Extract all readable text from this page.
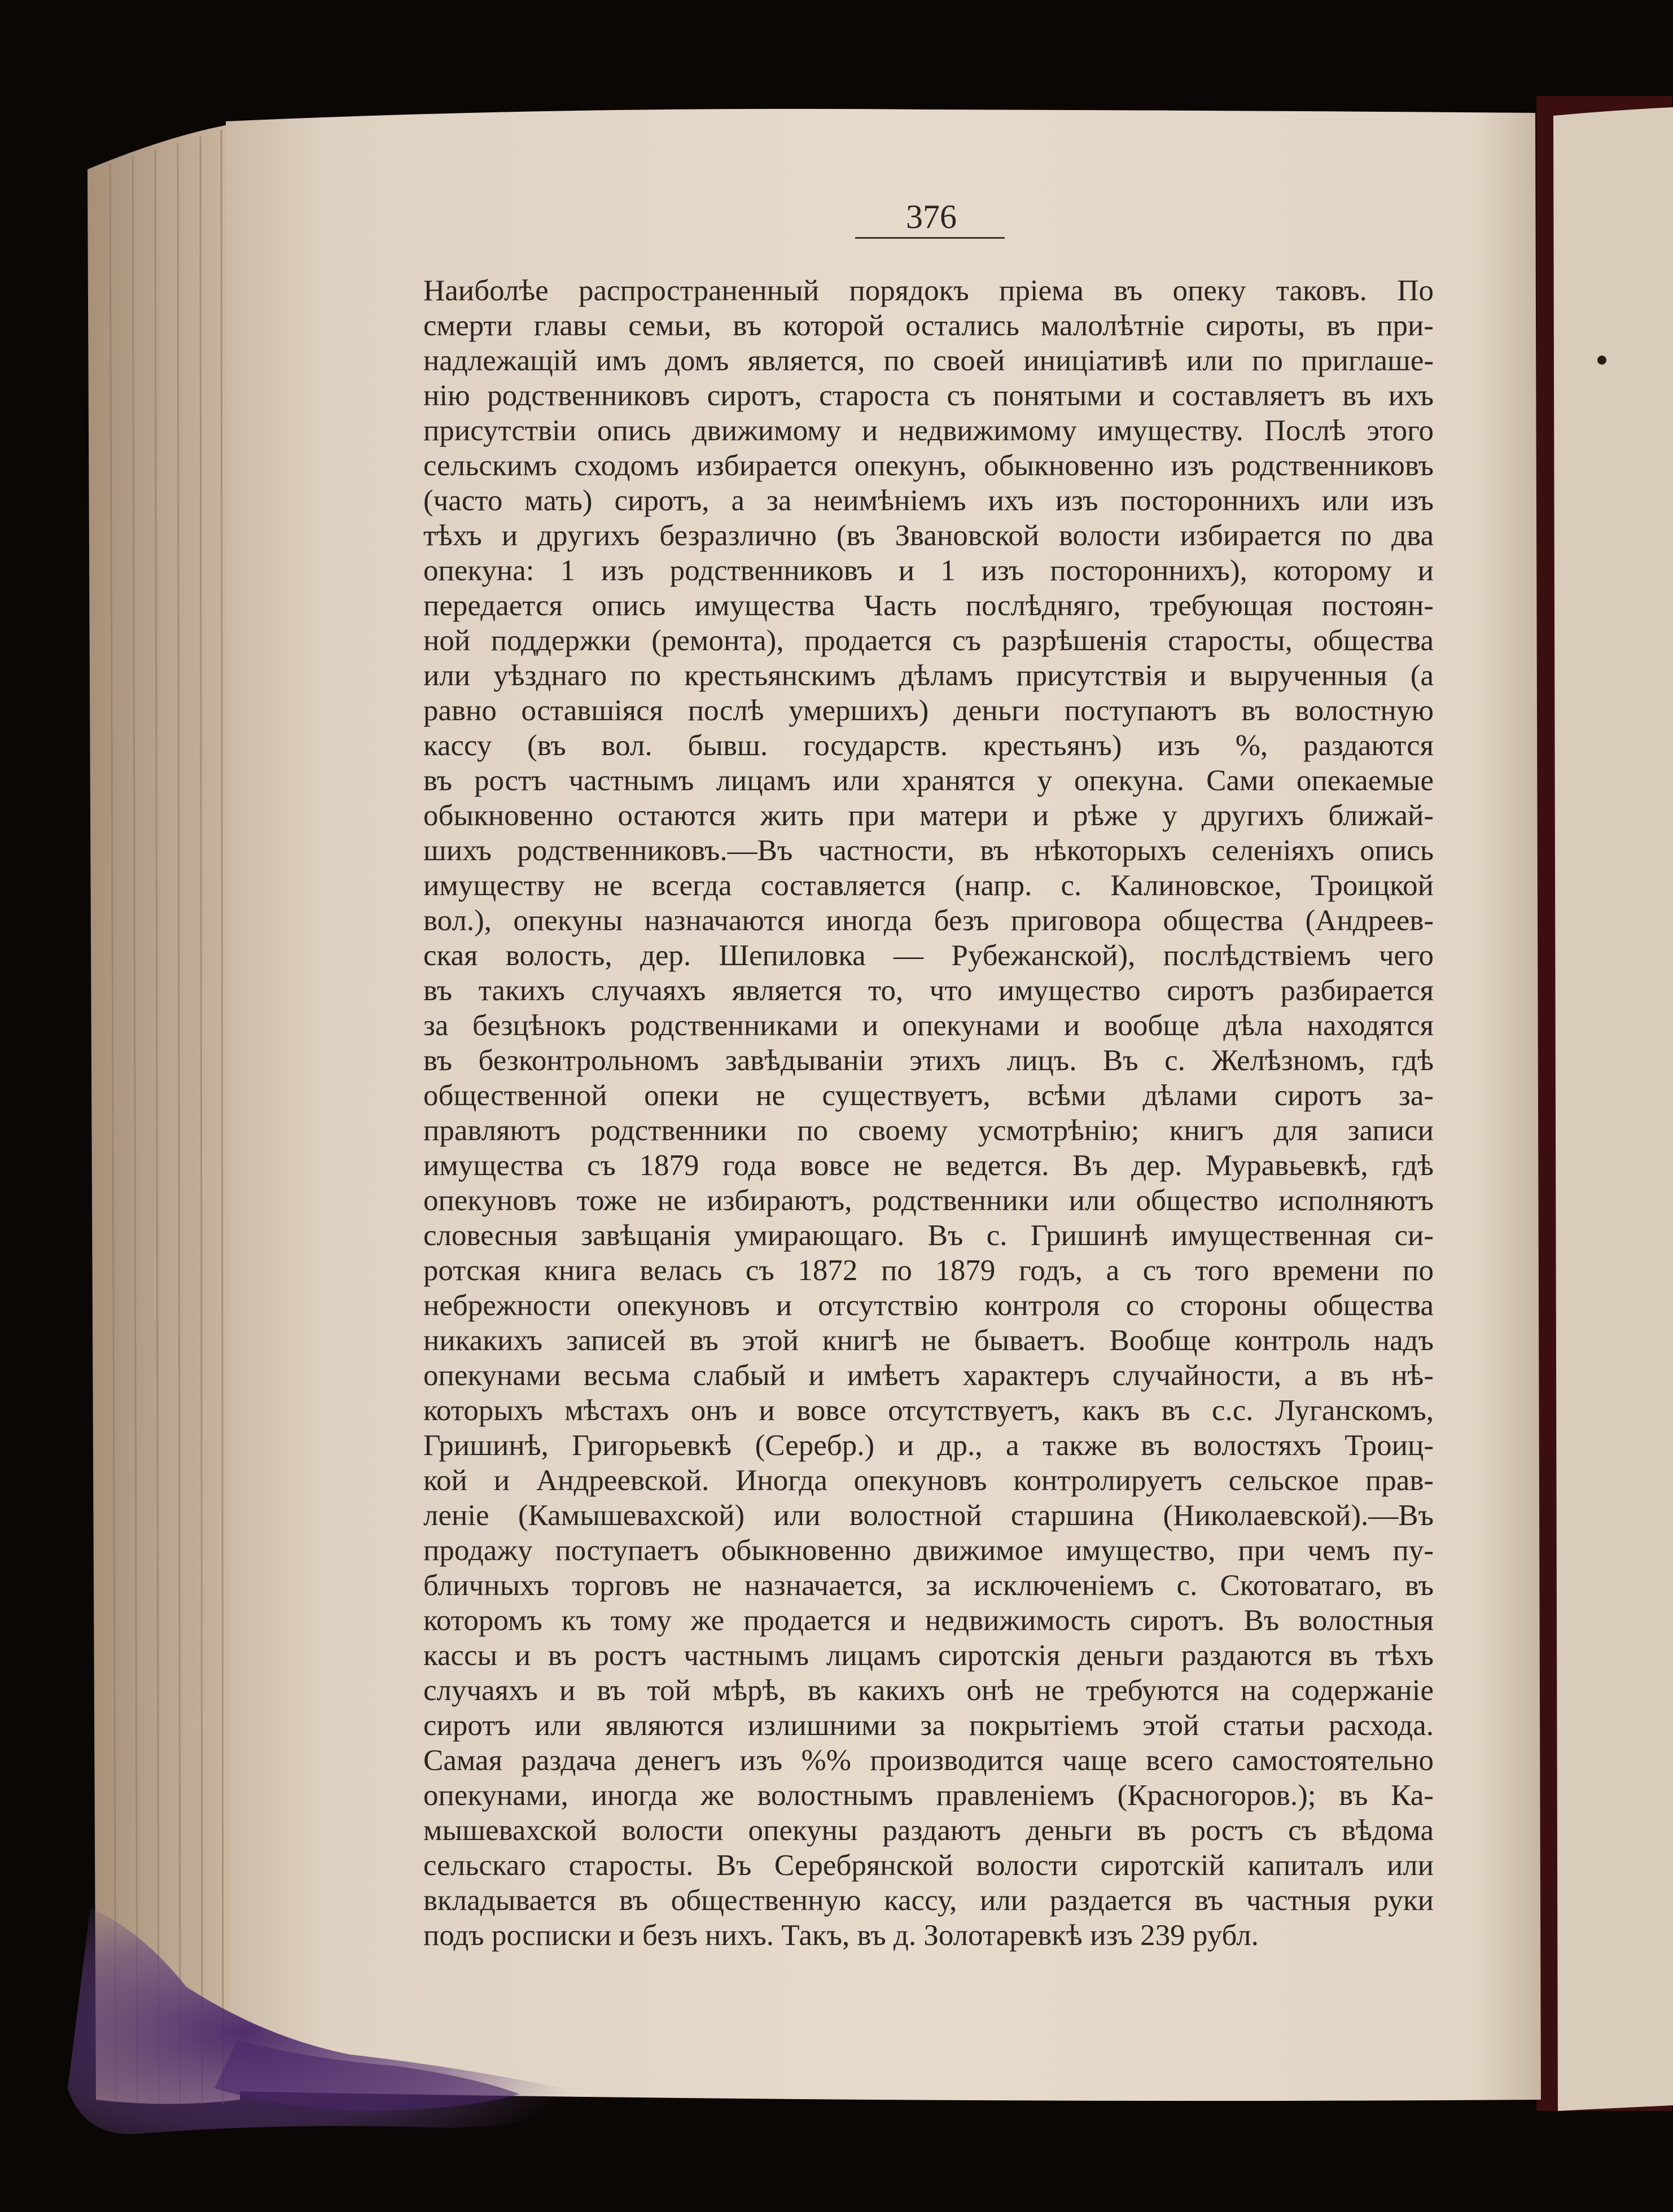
376
Наиболѣе распространенный порядокъ пріема въ опеку таковъ. По
смерти главы семьи, въ которой остались малолѣтніе сироты, въ при-
надлежащій имъ домъ является, по своей иниціативѣ или по приглаше-
нію родственниковъ сиротъ, староста съ понятыми и составляетъ въ ихъ
присутствіи опись движимому и недвижимому имуществу. Послѣ этого
сельскимъ сходомъ избирается опекунъ, обыкновенно изъ родственниковъ
(часто мать) сиротъ, а за неимѣніемъ ихъ изъ постороннихъ или изъ
тѣхъ и другихъ безразлично (въ Звановской волости избирается по два
опекуна: 1 изъ родственниковъ и 1 изъ постороннихъ), которому и
передается опись имущества Часть послѣдняго, требующая постоян-
ной поддержки (ремонта), продается съ разрѣшенія старосты, общества
или уѣзднаго по крестьянскимъ дѣламъ присутствія и вырученныя (а
равно оставшіяся послѣ умершихъ) деньги поступаютъ въ волостную
кассу (въ вол. бывш. государств. крестьянъ) изъ %, раздаются
въ ростъ частнымъ лицамъ или хранятся у опекуна. Сами опекаемые
обыкновенно остаются жить при матери и рѣже у другихъ ближай-
шихъ родственниковъ.—Въ частности, въ нѣкоторыхъ селеніяхъ опись
имуществу не всегда составляется (напр. с. Калиновское, Троицкой
вол.), опекуны назначаются иногда безъ приговора общества (Андреев-
ская волость, дер. Шепиловка — Рубежанской), послѣдствіемъ чего
въ такихъ случаяхъ является то, что имущество сиротъ разбирается
за безцѣнокъ родственниками и опекунами и вообще дѣла находятся
въ безконтрольномъ завѣдываніи этихъ лицъ. Въ с. Желѣзномъ, гдѣ
общественной опеки не существуетъ, всѣми дѣлами сиротъ за-
правляютъ родственники по своему усмотрѣнію; книгъ для записи
имущества съ 1879 года вовсе не ведется. Въ дер. Муравьевкѣ, гдѣ
опекуновъ тоже не избираютъ, родственники или общество исполняютъ
словесныя завѣщанія умирающаго. Въ с. Гришинѣ имущественная си-
ротская книга велась съ 1872 по 1879 годъ, а съ того времени по
небрежности опекуновъ и отсутствію контроля со стороны общества
никакихъ записей въ этой книгѣ не бываетъ. Вообще контроль надъ
опекунами весьма слабый и имѣетъ характеръ случайности, а въ нѣ-
которыхъ мѣстахъ онъ и вовсе отсутствуетъ, какъ въ с.с. Луганскомъ,
Гришинѣ, Григорьевкѣ (Серебр.) и др., а также въ волостяхъ Троиц-
кой и Андреевской. Иногда опекуновъ контролируетъ сельское прав-
леніе (Камышевахской) или волостной старшина (Николаевской).—Въ
продажу поступаетъ обыкновенно движимое имущество, при чемъ пу-
бличныхъ торговъ не назначается, за исключеніемъ с. Скотоватаго, въ
которомъ къ тому же продается и недвижимость сиротъ. Въ волостныя
кассы и въ ростъ частнымъ лицамъ сиротскія деньги раздаются въ тѣхъ
случаяхъ и въ той мѣрѣ, въ какихъ онѣ не требуются на содержаніе
сиротъ или являются излишними за покрытіемъ этой статьи расхода.
Самая раздача денегъ изъ %% производится чаще всего самостоятельно
опекунами, иногда же волостнымъ правленіемъ (Красногоров.); въ Ка-
мышевахской волости опекуны раздаютъ деньги въ ростъ съ вѣдома
сельскаго старосты. Въ Серебрянской волости сиротскій капиталъ или
вкладывается въ общественную кассу, или раздается въ частныя руки
подъ росписки и безъ нихъ. Такъ, въ д. Золотаревкѣ изъ 239 рубл.
